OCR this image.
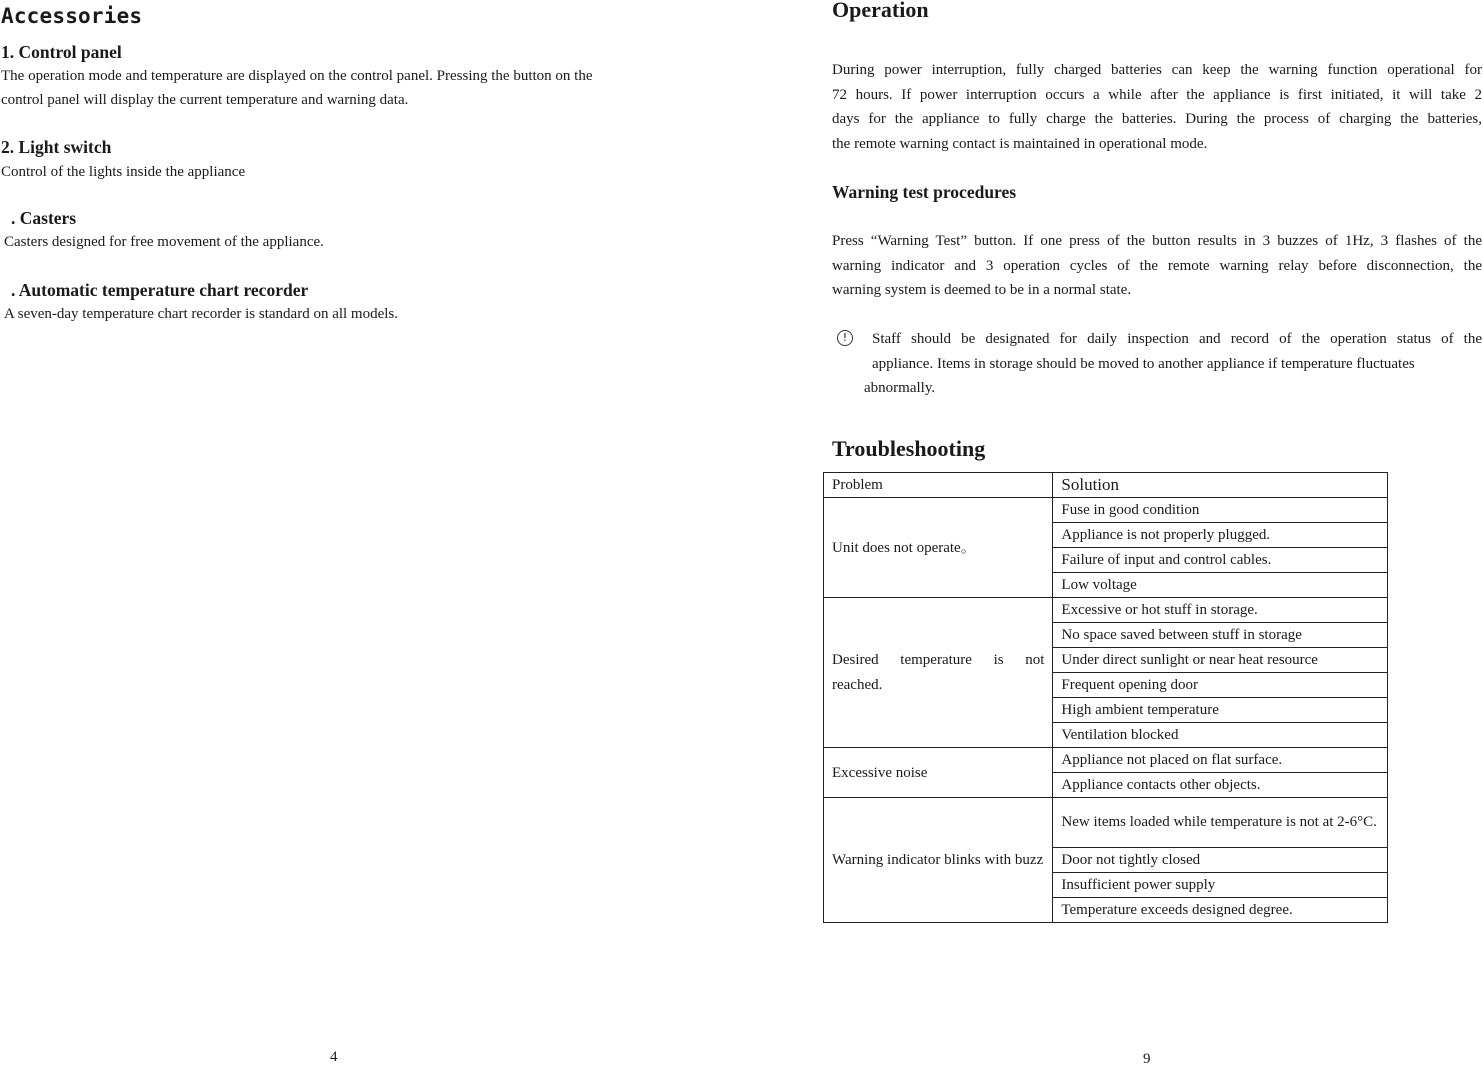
Accessories
1. Control panel
The operation mode and temperature are displayed on the control panel. Pressing the button on the
control panel will display the current temperature and warning data.
2. Light switch
Control of the lights inside the appliance
. Casters
Casters designed for free movement of the appliance.
. Automatic temperature chart recorder
A seven-day temperature chart recorder is standard on all models.
4
Operation
During power interruption, fully charged batteries can keep the warning function operational for
72 hours. If power interruption occurs a while after the appliance is first initiated, it will take 2
days for the appliance to fully charge the batteries. During the process of charging the batteries,
the remote warning contact is maintained in operational mode.
Warning test procedures
Press “Warning Test” button. If one press of the button results in 3 buzzes of 1Hz, 3 flashes of the
warning indicator and 3 operation cycles of the remote warning relay before disconnection, the
warning system is deemed to be in a normal state.
!	Staff should be designated for daily inspection and record of the operation status of the
appliance. Items in storage should be moved to another appliance if temperature fluctuates
abnormally.
Troubleshooting
Problem	Solution
Unit does not operate。	Fuse in good condition
	Appliance is not properly plugged.
	Failure of input and control cables.
	Low voltage
Desired temperature is not reached.	Excessive or hot stuff in storage.
	No space saved between stuff in storage
	Under direct sunlight or near heat resource
	Frequent opening door
	High ambient temperature
	Ventilation blocked
Excessive noise	Appliance not placed on flat surface.
	Appliance contacts other objects.
Warning indicator blinks with buzz	New items loaded while temperature is not at 2-6°C.
	Door not tightly closed
	Insufficient power supply
	Temperature exceeds designed degree.
9
